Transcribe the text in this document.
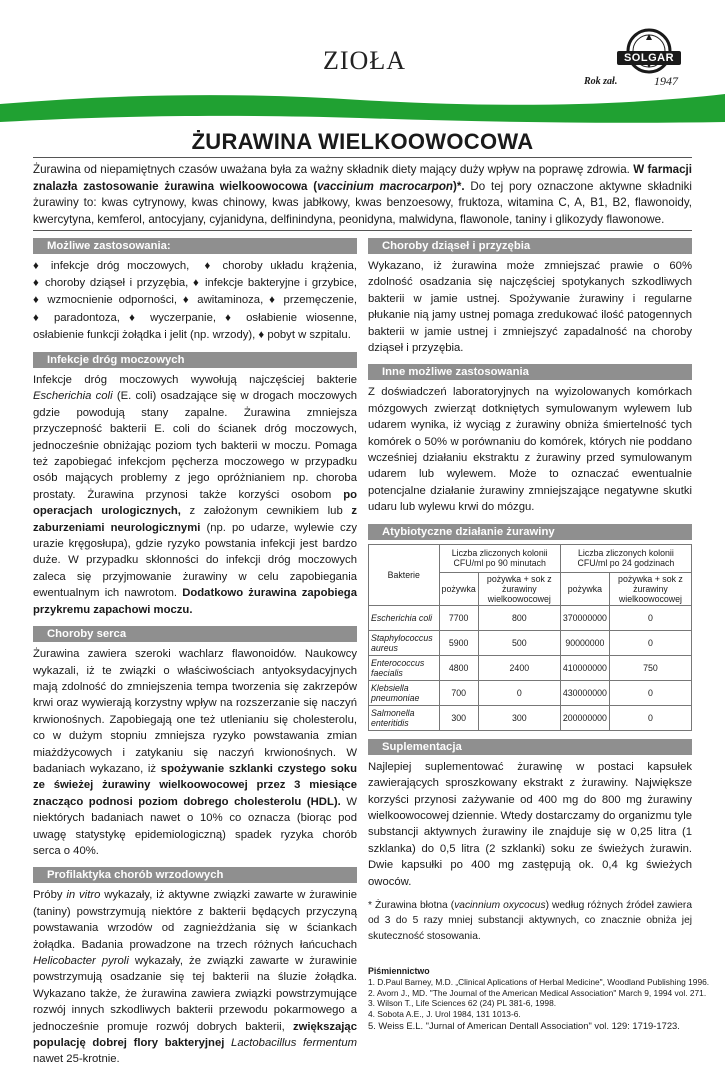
ZIOŁA	SOLGAR
Rok zał.	1947
ŻURAWINA WIELKOOWOCOWA
Żurawina od niepamiętnych czasów uważana była za ważny składnik diety mający duży wpływ na poprawę zdrowia. W farmacji znalazła zastosowanie żurawina wielkoowocowa (vaccinium macrocarpon)*. Do tej pory oznaczone aktywne składniki żurawiny to: kwas cytrynowy, kwas chinowy, kwas jabłkowy, kwas benzoesowy, fruktoza, witamina C, A, B1, B2, flawonoidy, kwercytyna, kemferol, antocyjany, cyjanidyna, delfinindyna, peonidyna, malwidyna, flawonole, taniny i glikozydy flawonowe.
Możliwe zastosowania:
♦ infekcje dróg moczowych, ♦ choroby układu krążenia, ♦ choroby dziąseł i przyzębia, ♦ infekcje bakteryjne i grzybice, ♦ wzmocnienie odporności, ♦ awitaminoza, ♦ przemęczenie, ♦ paradontoza, ♦ wyczerpanie, ♦ osłabienie wiosenne, osłabienie funkcji żołądka i jelit (np. wrzody), ♦ pobyt w szpitalu.
Infekcje dróg moczowych
Infekcje dróg moczowych wywołują najczęściej bakterie Escherichia coli (E. coli) osadzające się w drogach moczowych gdzie powodują stany zapalne. Żurawina zmniejsza przyczepność bakterii E. coli do ścianek dróg moczowych, jednocześnie obniżając poziom tych bakterii w moczu. Pomaga też zapobiegać infekcjom pęcherza moczowego w przypadku osób mających problemy z jego opróżnianiem np. choroba prostaty. Żurawina przynosi także korzyści osobom po operacjach urologicznych, z założonym cewnikiem lub z zaburzeniami neurologicznymi (np. po udarze, wylewie czy urazie kręgosłupa), gdzie ryzyko powstania infekcji jest bardzo duże. W przypadku skłonności do infekcji dróg moczowych zaleca się przyjmowanie żurawiny w celu zapobiegania ewentualnym ich nawrotom. Dodatkowo żurawina zapobiega przykremu zapachowi moczu.
Choroby serca
Żurawina zawiera szeroki wachlarz flawonoidów. Naukowcy wykazali, iż te związki o właściwościach antyoksydacyjnych mają zdolność do zmniejszenia tempa tworzenia się zakrzepów krwi oraz wywierają korzystny wpływ na rozszerzanie się naczyń krwionośnych. Zapobiegają one też utlenianiu się cholesterolu, co w dużym stopniu zmniejsza ryzyko powstawania zmian miażdżycowych i zatykaniu się naczyń krwionośnych. W badaniach wykazano, iż spożywanie szklanki czystego soku ze świeżej żurawiny wielkoowocowej przez 3 miesiące znacząco podnosi poziom dobrego cholesterolu (HDL). W niektórych badaniach nawet o 10% co oznacza (biorąc pod uwagę statystykę epidemiologiczną) spadek ryzyka chorób serca o 40%.
Profilaktyka chorób wrzodowych
Próby in vitro wykazały, iż aktywne związki zawarte w żurawinie (taniny) powstrzymują niektóre z bakterii będących przyczyną powstawania wrzodów od zagnieżdżania się w ściankach żołądka. Badania prowadzone na trzech różnych łańcuchach Helicobacter pyroli wykazały, że związki zawarte w żurawinie powstrzymują osadzanie się tej bakterii na śluzie żołądka. Wykazano także, że żurawina zawiera związki powstrzymujące rozwój innych szkodliwych bakterii przewodu pokarmowego a jednocześnie promuje rozwój dobrych bakterii, zwiększając populację dobrej flory bakteryjnej Lactobacillus fermentum nawet 25-krotnie.
Choroby dziąseł i przyzębia
Wykazano, iż żurawina może zmniejszać prawie o 60% zdolność osadzania się najczęściej spotykanych szkodliwych bakterii w jamie ustnej. Spożywanie żurawiny i regularne płukanie nią jamy ustnej pomaga zredukować ilość patogennych bakterii w jamie ustnej i zmniejszyć zapadalność na choroby dziąseł i przyzębia.
Inne możliwe zastosowania
Z doświadczeń laboratoryjnych na wyizolowanych komórkach mózgowych zwierząt dotkniętych symulowanym wylewem lub udarem wynika, iż wyciąg z żurawiny obniża śmiertelność tych komórek o 50% w porównaniu do komórek, których nie poddano wcześniej działaniu ekstraktu z żurawiny przed symulowanym udarem lub wylewem. Może to oznaczać ewentualnie potencjalne działanie żurawiny zmniejszające negatywne skutki udaru lub wylewu krwi do mózgu.
Atybiotyczne działanie żurawiny
Bakterie	Liczba zliczonych kolonii CFU/ml po 90 minutach		Liczba zliczonych kolonii CFU/ml po 24 godzinach	
	pożywka	pożywka + sok z żurawiny wielkoowocowej	pożywka	pożywka + sok z żurawiny wielkoowocowej
Escherichia coli	7700	800	370000000	0
Staphylococcus aureus	5900	500	90000000	0
Enterococcus faecialis	4800	2400	410000000	750
Klebsiella pneumoniae	700	0	430000000	0
Salmonella enteritidis	300	300	200000000	0
Suplementacja
Najlepiej suplementować żurawinę w postaci kapsułek zawierających sproszkowany ekstrakt z żurawiny. Największe korzyści przynosi zażywanie od 400 mg do 800 mg żurawiny wielkoowocowej dziennie. Wtedy dostarczamy do organizmu tyle substancji aktywnych żurawiny ile znajduje się w 0,25 litra (1 szklanka) do 0,5 litra (2 szklanki) soku ze świeżych żurawin. Dwie kapsułki po 400 mg zastępują ok. 0,4 kg świeżych owoców.
* Żurawina błotna (vacinnium oxycocus) według różnych źródeł zawiera od 3 do 5 razy mniej substancji aktywnych, co znacznie obniża jej skuteczność stosowania.
Piśmiennictwo
1. D.Paul Barney, M.D. „Clinical Aplications of Herbal Medicine", Woodland Publishing 1996.
2. Avorn J., MD. "The Journal of the American Medical Association" March 9, 1994 vol. 271.
3. Wilson T., Life Sciences 62 (24) PL 381-6, 1998.
4. Sobota A.E., J. Urol 1984, 131 1013-6.
5. Weiss E.L. "Jurnal of American Dentall Association" vol. 129: 1719-1723.
